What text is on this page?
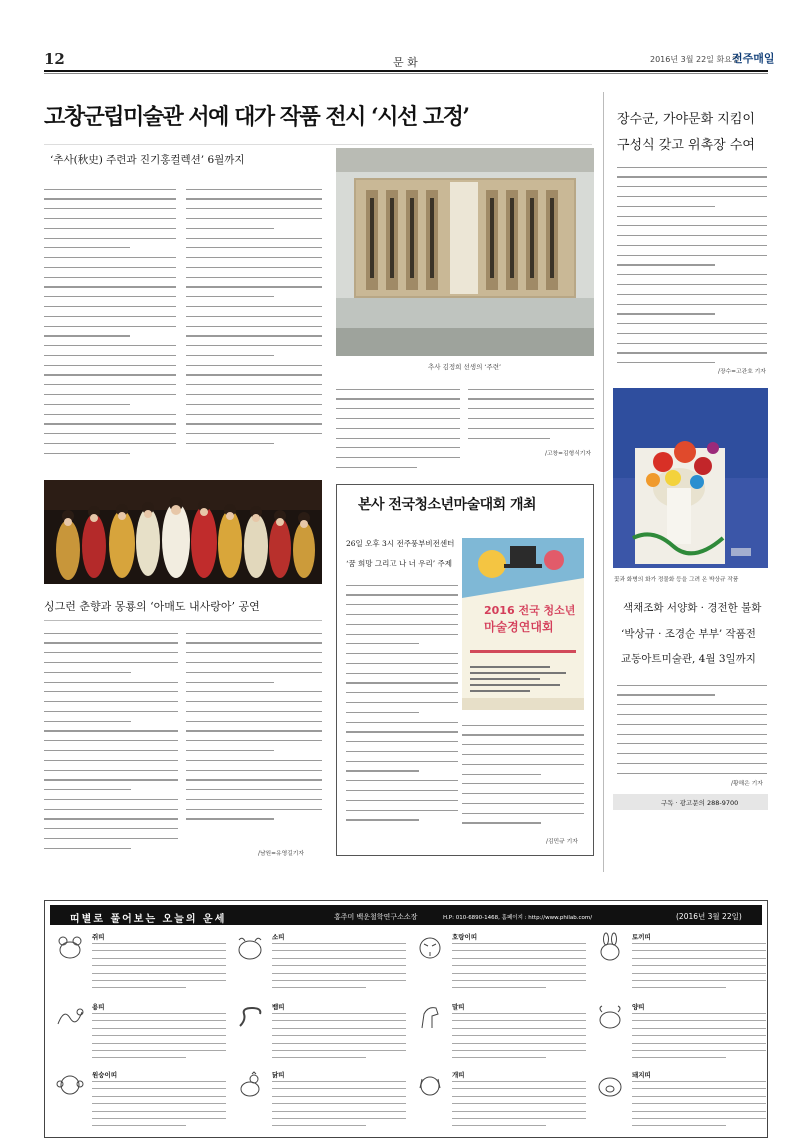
12	문 화	2016년 3월 22일 화요일
전주매일
고창군립미술관 서예 대가 작품 전시 ‘시선 고정’
‘추사(秋史) 주련과 진기홍컬렉션’ 6월까지
추사 김정희 선생의 ‘주련’
/고창=김형식기자
장수군, 가야문화 지킴이
구성식 갖고 위촉장 수여
/장수=고관호 기자
꽃과 화병의 화가 정물화 등을 그려 온 박상규 작품
색채조화 서양화 · 경전한 불화
‘박상규 · 조경순 부부’ 작품전
교동아트미술관, 4월 3일까지
/황해은 기자
구독 · 광고문의 288-9700
싱그런 춘향과 몽룡의 ‘아매도 내사랑아’ 공연
/남원=유영길기자
본사 전국청소년마술대회 개최
26일 오후 3시 전주풍부비전센터
‘꿈 희망 그리고 나 너 우리’ 주제
2016 전국 청소년
마술경연대회
/김민규 기자
띠별로 풀어보는 오늘의 운세	홍주미 백운철학연구소소장	H.P: 010-6890-1468, 홈페이지 : http://www.philab.com/	(2016년 3월 22일)
쥐띠	소띠	호랑이띠	토끼띠
용띠	뱀띠	말띠	양띠
원숭이띠	닭띠	개띠	돼지띠
